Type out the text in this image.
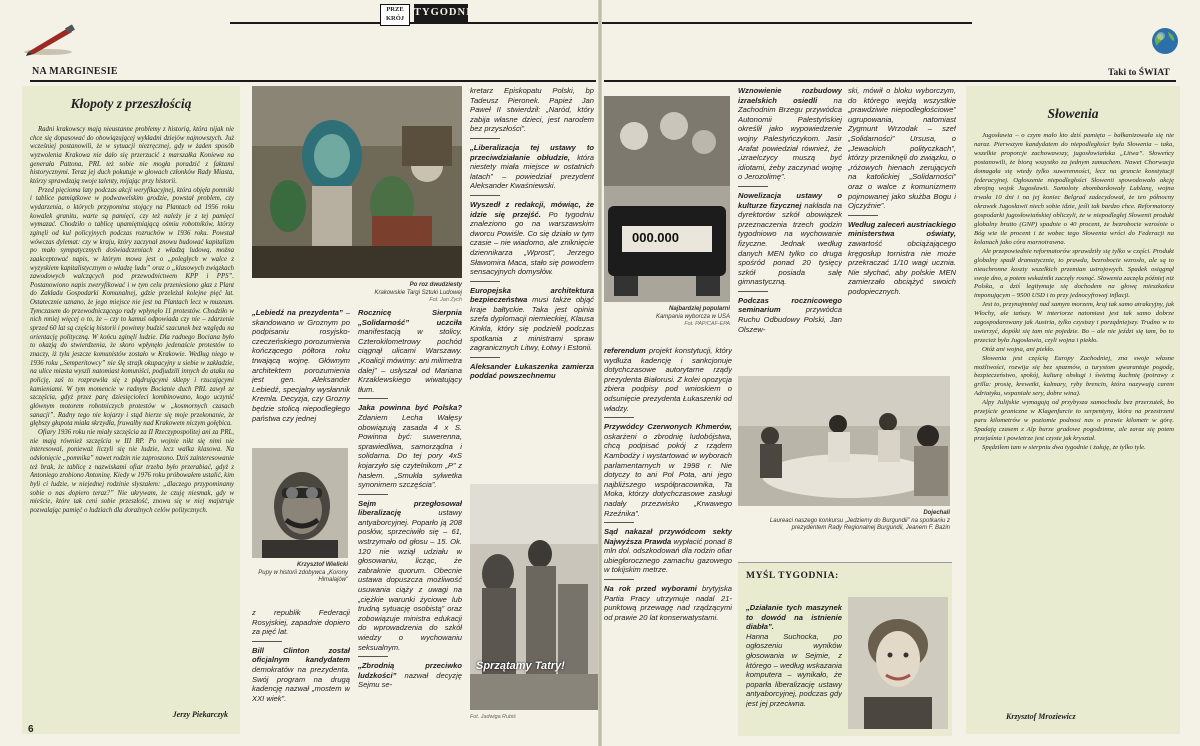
PRZE
KRÓJ
TYGODNIA
NA MARGINESIE	Taki to ŚWIAT
Kłopoty z przeszłością

Radni krakowscy mają nieustanne problemy z historią, która nijak nie chce się dopasować do obowiązującej wykładni dziejów najnowszych. Już wcześniej postanowili, że w sytuacji niezręcznej, gdy w żaden sposób wyzwolenia Krakowa nie dało się przerzucić z marszałka Koniewa na generała Pattona, PRL też sobie nie mogła poradzić z faktami historycznymi. Teraz jej duch pokutuje w głowach członków Rady Miasta, którzy sprawdzają swoje talenty, mijając przy historii.

Przed pięcioma laty podczas akcji weryfikacyjnej, która objęła pomniki i tablice pamiątkowe w podwawelskim grodzie, powstał problem, czy wydarzenia, o których przypomina stojący na Plantach od 1956 roku kowalek granitu, warte są pamięci, czy też należy je z tej pamięci wymazać. Chodziło o tablicę upamiętniającą ośmiu robotników, którzy zginęli od kul policyjnych podczas rozruchów w 1936 roku. Powstał wówczas dylemat: czy w kraju, który zaczynał znowu budować kapitalizm po mało sympatycznych doświadczeniach z władzą ludową, można zaakceptować napis, w którym mowa jest o „poległych w walce z wyzyskiem kapitalistycznym o władzę ludu” oraz o „klasowych związkach zawodowych walczących pod przewodnictwem KPP i PPS”. Postanowiono napis zweryfikować i w tym celu przeniesiono głaz z Plant do Zakładu Gospodarki Komunalnej, gdzie przeleżał kolejne pięć lat. Ostatecznie uznano, że jego miejsce nie jest na Plantach lecz w muzeum. Tymczasem do przewodniczącego rady wpłynęło 11 protestów. Chodziło w nich mniej więcej o to, że – czy to kamuś odpowiada czy nie – zdarzenie sprzed 60 lat są częścią historii i powinny budzić szacunek bez względu na orientację polityczną. W końcu zginęli ludzie. Dla radnego Bociana było to okazją do stwierdzenia, że skoro wpłynęło jedenaście protestów to znaczy, iż tylu jeszcze komunistów zostało w Krakowie. Według niego w 1936 roku „Semperitowcy” nie ślę strajk okupacyjny u siebie w zakładzie, na ulice miasta wyszli natomiast komuniści, podjudzili innych do ataku na policję, zaś to rozprawiła się z płądrującymi sklepy i rzucającymi kamieniami. W tym momencie w radnym Bocianie duch PRL zawył ze szczęścia, gdyż przez parę dziesięcioleci kombinowano, kogo uczynić głównym motorem robotniczych protestów w „kosmornych czasach sanacji”. Radny tego nie kojarzy i stąd bierze się moje przekonanie, że głębszy głupota miała skrzydła, fruwalby nad Krakowem niczym gołębica.

Ofiary 1936 roku nie miały szczęścia za II Rzeczypospolitej ani za PRL, nie mają również szczęścia w III RP. Po wojnie nikt się nimi nie interesował, ponieważ liczyli się nie ludzie, lecz walka klasowa. Na odsłonięcie „pomnika” nawet rodzin nie zaproszono. Dziś zainteresowanie też brak, że tablicę z nazwiskami ofiar trzeba było przerabiać, gdyż z Antoniego zrobiono Antoninę. Kiedy w 1976 roku próbowałem ustalić, kim byli ci ludzie, w niejednej rodzinie słyszałem: „dlaczego przypominamy sobie o nas dopiero teraz?” Nie ukrywam, że czuję niesmak, gdy w mieście, które tak ceni sobie przeszłość, znowu się w niej majstruje pozwalając pamięć o ludziach dla doraźnych celów politycznych.

Jerzy Piekarczyk
6
Po roz dwudziesty
Krakowskie Targi Sztuki Ludowej
Fot. Jan Zych
„Lebiedź na prezydenta” – skandowano w Groznym po podpisaniu rosyjsko-czeczeńskiego porozumienia kończącego półtora roku trwającą wojnę. Głównym architektem porozumienia jest gen. Aleksander Lebiedź, specjalny wysłannik Kremla. Decyzja, czy Grozny będzie stolicą niepodległego państwa czy jednej
Krzysztof Wielicki
Pupy w historii zdobywca „Korony Himalajów”
z republik Federacji Rosyjskiej, zapadnie dopiero za pięć lat.
Bill Clinton został oficjalnym kandydatem demokratów na prezydenta. Swój program na drugą kadencję nazwał „mostem w XXI wiek”.
Rocznicę Sierpnia „Solidarność” uczciła manifestacją w stolicy. Czterokilometrowy pochód ciągnął ulicami Warszawy. „Koalicji mówimy: ani milimetra dalej” – usłyszał od Mariana Krzaklewskiego wiwatujący tłum.
Jaka powinna być Polska? Zdaniem Lecha Wałęsy obowiązują zasada 4 x S. Powinna być: suwerenna, sprawiedliwa, samorządna i solidarna. Do tej pory 4xS kojarzyło się czytelnikom „P” z hasłem. „Smukła sylwetka synonimem szczęścia”.
Sejm przegłosował liberalizację	ustawy antyaborcyjnej. Poparło ją 208 posłów, sprzeciwiło się – 61, wstrzymało od głosu – 15. Ok. 120 nie wziął udziału w głosowaniu, licząc, że zabraknie quorum. Obecnie ustawa dopuszcza możliwość usuwania ciąży z uwagi na „ciężkie warunki życiowe lub trudną sytuację osobistą” oraz zobowiązuje ministra edukacji do wprowadzenia do szkół wiedzy o wychowaniu seksualnym.
„Zbrodnią przeciwko ludzkości” nazwał decyzję Sejmu se-
kretarz Episkopatu Polski, bp Tadeusz Pieronek. Papież Jan Paweł II stwierdził: „Naród, który zabija własne dzieci, jest narodem bez przyszłości”.
„Liberalizacja tej ustawy to przeciwdziałanie obłudzie, która niestety miała miejsce w ostatnich latach” – powiedział prezydent Aleksander Kwaśniewski.
Wyszedł z redakcji, mówiąc, że idzie się przejść. Po tygodniu znaleziono go na warszawskim dworcu Powiśle. Co się działo w tym czasie – nie wiadomo, ale zniknięcie dziennikarza „Wprost”, Jerzego Sławomira Maca, stało się powodem sensacyjnych domysłów.
Europejska architektura bezpieczeństwa musi także objąć kraje bałtyckie. Taka jest opinia szefa dyplomacji niemieckiej, Klausa Kinkla, który się podzielił podczas spotkania z ministrami spraw zagranicznych Litwy, Łotwy i Estonii.
Aleksander Łukaszenka zamierza poddać powszechnemu
Sprzątamy Tatry!
Fot. Jadwiga Rubiś
000.000
Najbardziej popularni
Kampania wyborcza w USA
Fot. PAP/CAF-EPA
Wznowienie rozbudowy izraelskich osiedli na Zachodnim Brzegu przywódca Autonomii Palestyńskiej określił jako wypowiedzenie wojny Palestyńczykom. Jasir Arafat powiedział również, że „izraelczycy muszą być idiotami, żeby zaczynać wojnę o Jerozolimę”.
Nowelizacja ustawy o kulturze fizycznej nakłada na dyrektorów szkół obowiązek przeznaczenia trzech godzin tygodniowo na wychowanie fizyczne. Jednak według danych MEN tylko co druga spośród ponad 20 tysięcy szkół posiada salę gimnastyczną.
Podczas rocznicowego seminarium	przywódca Ruchu Odbudowy Polski, Jan Olszew-
ski, mówił o bloku wyborczym, do którego wejdą wszystkie „prawdziwie niepodległościowe” ugrupowania, natomiast Zygmunt Wrzodak – szef „Solidarności” Ursusa, o „Jewackich polityczkach”, którzy przeniknęli do związku, o „różowych hienach zerujących na katolickiej „Solidarności” oraz o walce z komunizmem pojmowanej jako służba Bogu i Ojczyźnie”.
Według zaleceń austriackiego ministerstwa oświaty, zawartość obciążającego kręgosłup tornistra nie może przekraczać 1/10 wagi ucznia. Nie słychać, aby polskie MEN zamierzało obciążyć swoich podopiecznych.
referendum projekt konstytucji, który wydłuża kadencję i sankcjonuje dotychczasowe autorytarne rządy prezydenta Białorusi. Z kolei opozycja zbiera podpisy pod wnioskiem o odsunięcie prezydenta Łukaszenki od władzy.
Przywódcy Czerwonych Khmerów, oskarżeni o zbrodnię ludobójstwa, chcą podpisać pokój z rządem Kambodży i wystartować w wyborach parlamentarnych w 1998 r. Nie dotyczy to ani Pol Pota, ani jego najbliższego współpracownika, Ta Moka, którzy dotychczasowe zasługi nadały przezwisko „Krwawego Rzeźnika”.
Sąd nakazał przywódcom sekty Najwyższa Prawda wypłacić ponad 8 mln dol. odszkodowań dla rodzin ofiar ubiegłorocznego zamachu gazowego w tokijskim metrze.
Na rok przed wyborami brytyjska Partia Pracy utrzymuje nadal 21-punktową przewagę nad rządzącymi od prawie 20 lat konserwatystami.
Dojechali
Laureaci naszego konkursu „Jedziemy do Burgundii” na spotkaniu z prezydentem Rady Regionalnej Burgundii, Jeanem F. Bazin
MYŚL TYGODNIA:
„Działanie tych maszynek to dowód na istnienie diabła”.
Hanna Suchocka, po ogłoszeniu wyników głosowania w Sejmie, z którego – według wskazania komputera – wynikało, że poparła liberalizację ustawy antyaborcyjnej, podczas gdy jest jej przeciwna.
Słowenia

Jugosławia – o czym mało kto dziś pamięta – bałkanizowała się nie naraz. Pierwszym kandydatem do niepodległości była Słowenia – taka, wszelkie proporcje zachowawszy, jugosłowiańska „Litwa”. Słoweńcy postanowili, że biorą wszystko za jednym zamachem. Nawet Chorwacja domagała się wtedy tylko suwerenności, lecz na gruncie konstytucji federacyjnej. Ogłoszenie niepodległości Słowenii spowodowało akcję zbrojną wojsk Jugosławii. Samoloty zbombardowały Lublanę, wojna trwała 10 dni i na jej koniec Belgrad zadecydował, że ten północny okrawek Jugosławii niech sobie idzie, jeśli tak bardzo chce. Reformatorzy gospodarki jugosłowiańskiej obliczyli, że w niepodległej Słowenii produkt globalny brutto (GNP) spadnie o 40 procent, że bezrobocie wzrośnie o Bóg wie ile procent i że wobec tego Słowenia wróci do Federacji na kolanach jako córa marnotrawna.

Ale przepowiednie reformatorów sprawdziły się tylko w części. Produkt globalny spadł dramatycznie, to prawda, bezrobocie wzrosło, ale są to nieuchronne koszty wszelkich przemian ustrojowych. Spadek osiągnął swoje dno, a potem wskaźniki zaczęły rosnąć. Słowenia zaczęła później niż Polska, a dziś legitymuje się dochodem na głowę mieszkańca imponującym – 9500 USD i to przy jednocyfrowej inflacji.

Jest to, przynajmniej nad samym morzem, kraj tak samo atrakcyjny, jak Włochy, ale tańszy. W interiorze natomiast jest tak samo dobrze zagospodarowany jak Austria, tylko czystszy i porządniejszy. Trudno w to uwierzyć, dopóki się tam nie pojedzie. Bo – ale nie jeździ się tam, bo to przecież była Jugosławia, czyli wojna i piekło.

Otóż ani wojna, ani piekło.

Słowenia jest częścią Europy Zachodniej, zna swoje własne możliwości, rozwija się bez spazmów, a turystom gwarantuje pogodę, bezpieczeństwo, spokój, kulturę obsługi i świetną kuchnię (potrawy z grilla: prosię, krewetki, kalmary, ryby brencin, która nazywają carem Adriatyku, wspaniałe sery, dobre wina).

Alpy Julijskie wymagają od przybysza samochodu bez przerzutek, bo przejście graniczne w Klagenfurcie to serpentyny, która na przestrzeni paru kilometrów w poziomie podnosi nas o prawie kilometr w górę. Spadają czasem z Alp burze gradowe pogodzinne, ale zaraz się potem przejaśnia i powietrze jest czyste jak kryształ.

Spędziłem tam w sierpniu dwa tygodnie i żałuję, że tylko tyle.

Krzysztof Mroziewicz
